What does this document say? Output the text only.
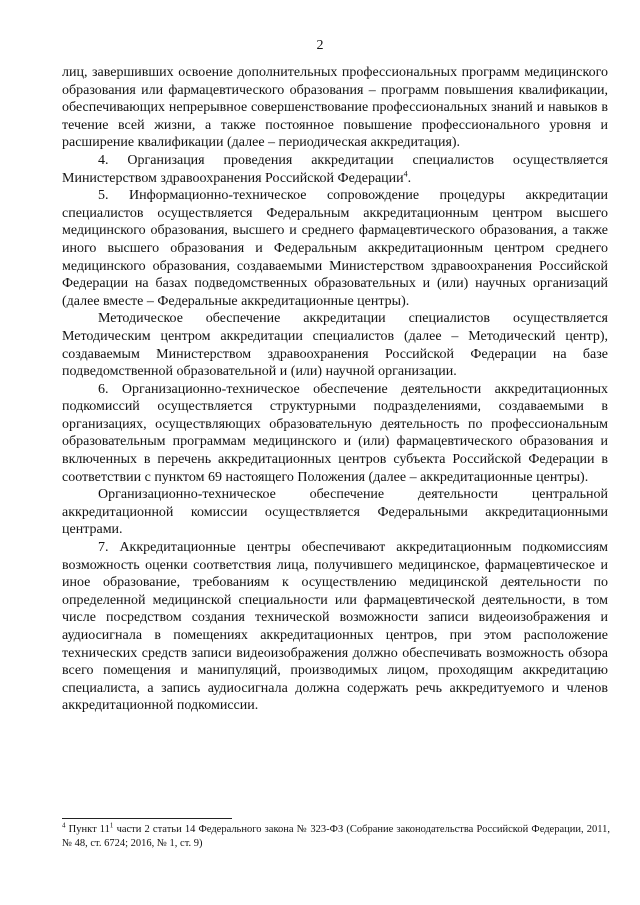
2

лиц, завершивших освоение дополнительных профессиональных программ медицинского образования или фармацевтического образования – программ повышения квалификации, обеспечивающих непрерывное совершенствование профессиональных знаний и навыков в течение всей жизни, а также постоянное повышение профессионального уровня и расширение квалификации (далее – периодическая аккредитация).

4. Организация проведения аккредитации специалистов осуществляется Министерством здравоохранения Российской Федерации$^4$.

5. Информационно-техническое сопровождение процедуры аккредитации специалистов осуществляется Федеральным аккредитационным центром высшего медицинского образования, высшего и среднего фармацевтического образования, а также иного высшего образования и Федеральным аккредитационным центром среднего медицинского образования, создаваемыми Министерством здравоохранения Российской Федерации на базах подведомственных образовательных и (или) научных организаций (далее вместе – Федеральные аккредитационные центры).

Методическое обеспечение аккредитации специалистов осуществляется Методическим центром аккредитации специалистов (далее – Методический центр), создаваемым Министерством здравоохранения Российской Федерации на базе подведомственной образовательной и (или) научной организации.

6. Организационно-техническое обеспечение деятельности аккредитационных подкомиссий осуществляется структурными подразделениями, создаваемыми в организациях, осуществляющих образовательную деятельность по профессиональным образовательным программам медицинского и (или) фармацевтического образования и включенных в перечень аккредитационных центров субъекта Российской Федерации в соответствии с пунктом 69 настоящего Положения (далее – аккредитационные центры).

Организационно-техническое обеспечение деятельности центральной аккредитационной комиссии осуществляется Федеральными аккредитационными центрами.

7. Аккредитационные центры обеспечивают аккредитационным подкомиссиям возможность оценки соответствия лица, получившего медицинское, фармацевтическое и иное образование, требованиям к осуществлению медицинской деятельности по определенной медицинской специальности или фармацевтической деятельности, в том числе посредством создания технической возможности записи видеоизображения и аудиосигнала в помещениях аккредитационных центров, при этом расположение технических средств записи видеоизображения должно обеспечивать возможность обзора всего помещения и манипуляций, производимых лицом, проходящим аккредитацию специалиста, а запись аудиосигнала должна содержать речь аккредитуемого и членов аккредитационной подкомиссии.

$^4$ Пункт 11$^1$ части 2 статьи 14 Федерального закона № 323-ФЗ (Собрание законодательства Российской Федерации, 2011, № 48, ст. 6724; 2016, № 1, ст. 9)
